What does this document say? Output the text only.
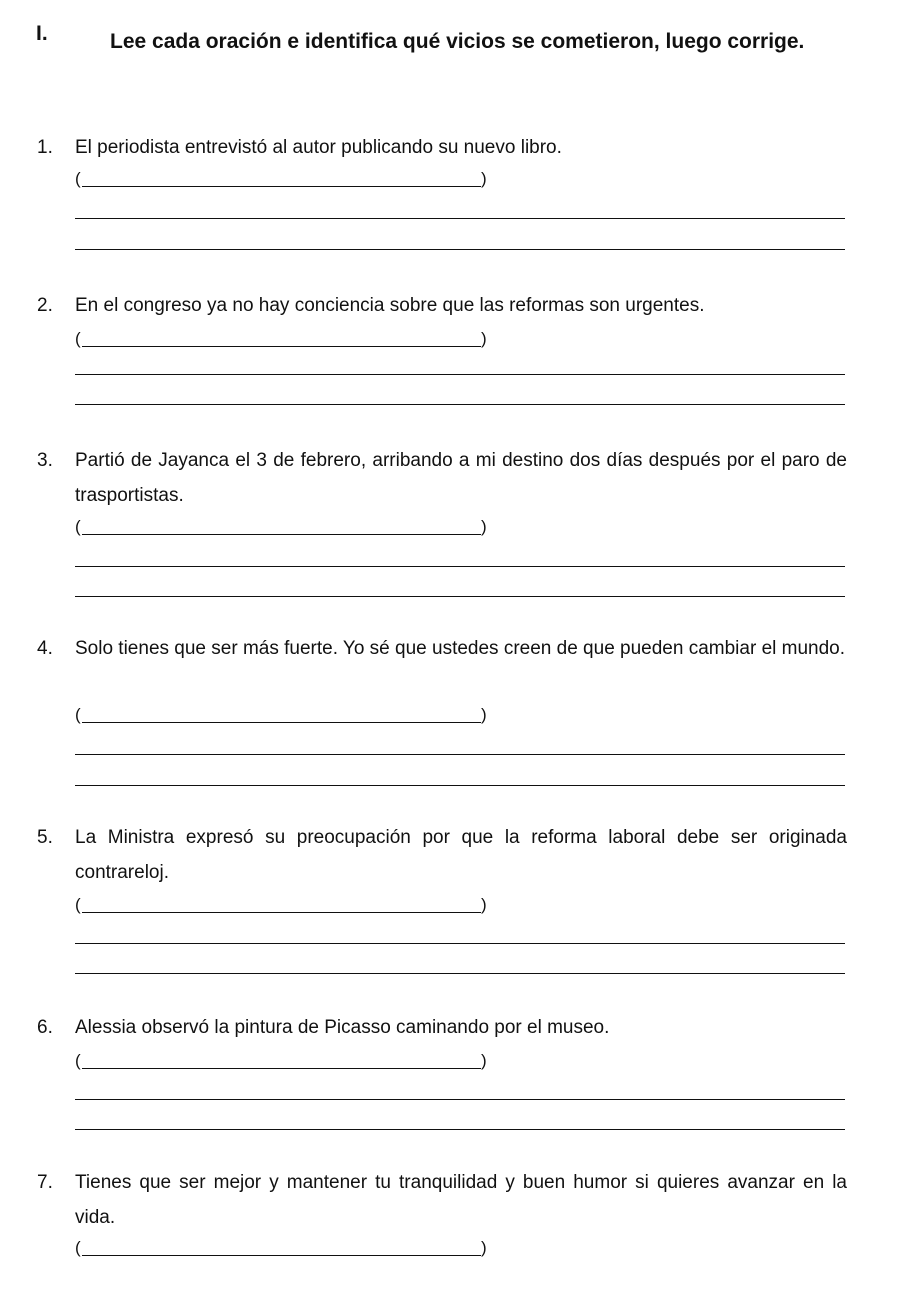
I.	Lee cada oración e identifica qué vicios se cometieron, luego corrige.
1. El periodista entrevistó al autor publicando su nuevo libro.
(	)
2. En el congreso ya no hay conciencia sobre que las reformas son urgentes.
(	)
3. Partió de Jayanca el 3 de febrero, arribando a mi destino dos días después por el paro de trasportistas.
(	)
4. Solo tienes que ser más fuerte. Yo sé que ustedes creen de que pueden cambiar el mundo.
(	)
5. La Ministra expresó su preocupación por que la reforma laboral debe ser originada contrareloj.
(	)
6. Alessia observó la pintura de Picasso caminando por el museo.
(	)
7. Tienes que ser mejor y mantener tu tranquilidad y buen humor si quieres avanzar en la vida.
(	)
